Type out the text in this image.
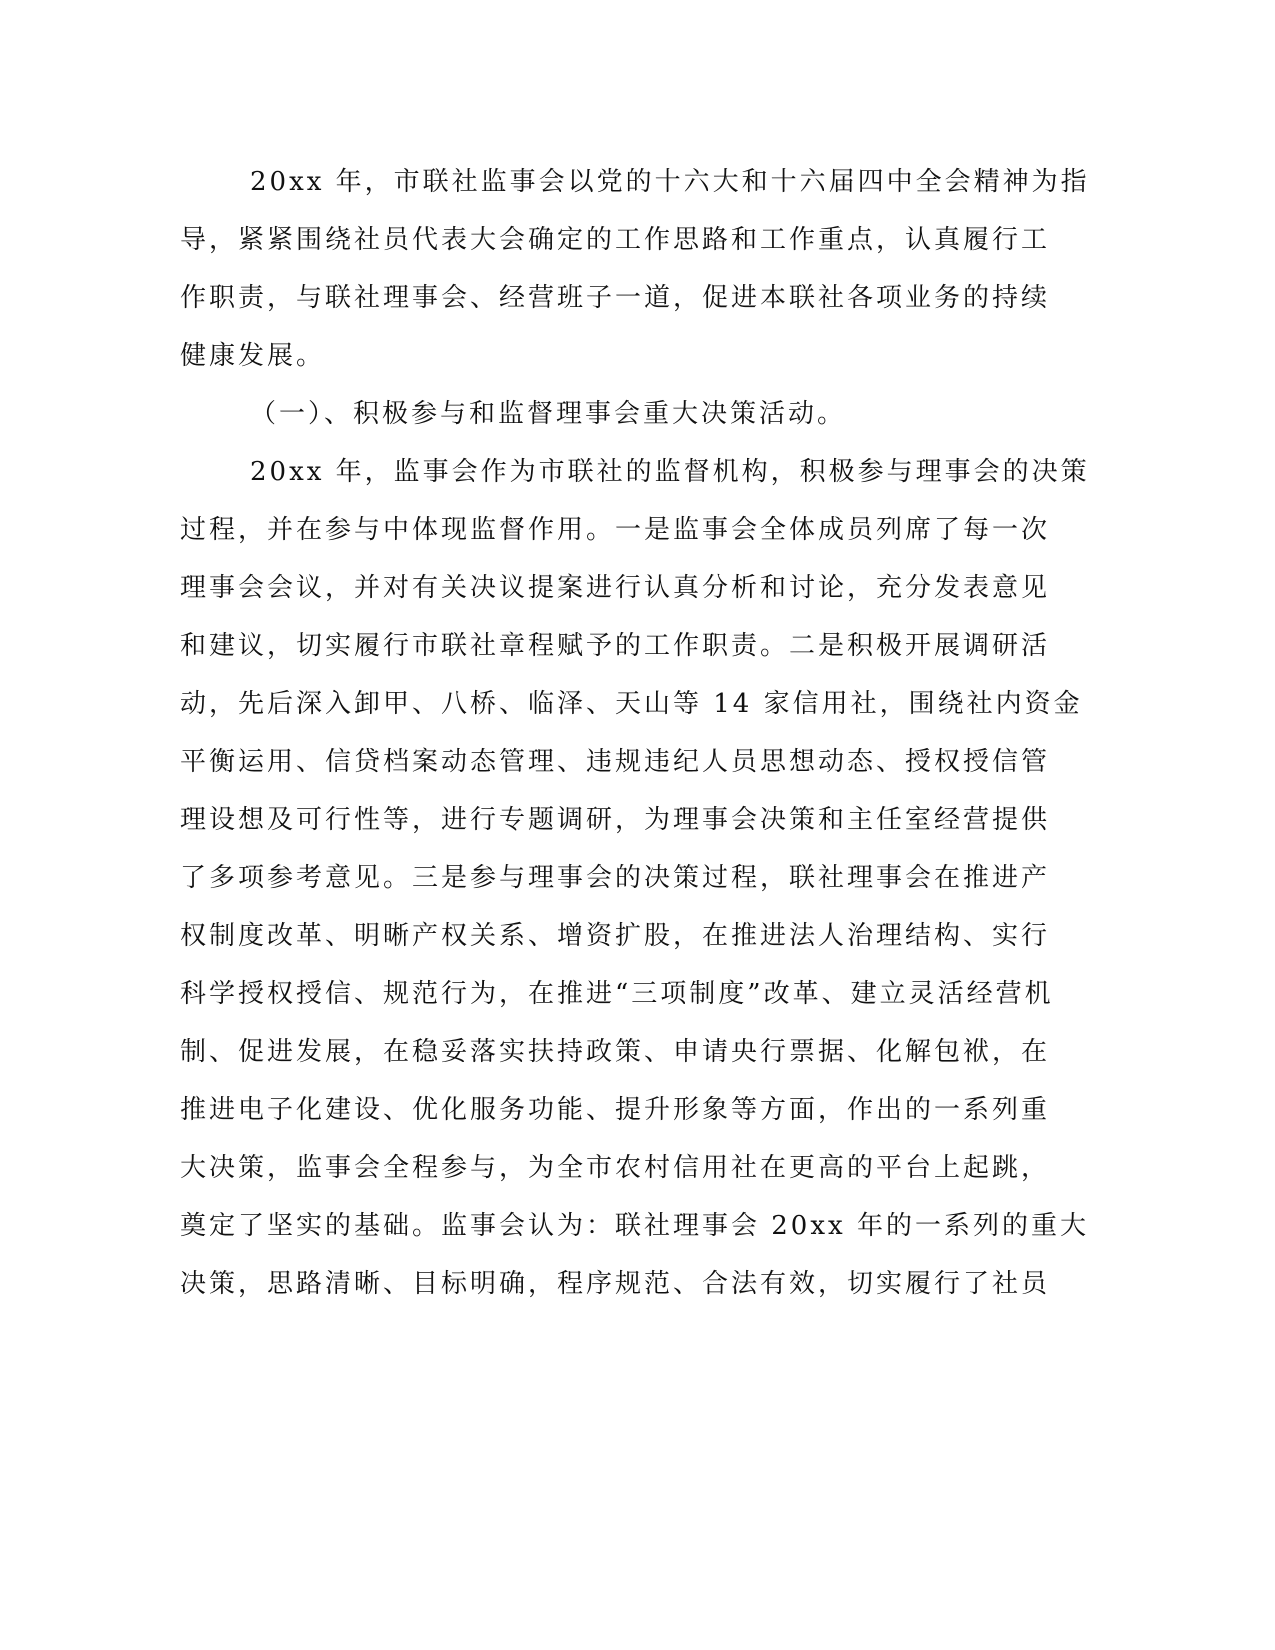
20xx 年，市联社监事会以党的十六大和十六届四中全会精神为指
导，紧紧围绕社员代表大会确定的工作思路和工作重点，认真履行工
作职责，与联社理事会、经营班子一道，促进本联社各项业务的持续
健康发展。
（一）、积极参与和监督理事会重大决策活动。
20xx 年，监事会作为市联社的监督机构，积极参与理事会的决策
过程，并在参与中体现监督作用。一是监事会全体成员列席了每一次
理事会会议，并对有关决议提案进行认真分析和讨论，充分发表意见
和建议，切实履行市联社章程赋予的工作职责。二是积极开展调研活
动，先后深入卸甲、八桥、临泽、天山等 14 家信用社，围绕社内资金
平衡运用、信贷档案动态管理、违规违纪人员思想动态、授权授信管
理设想及可行性等，进行专题调研，为理事会决策和主任室经营提供
了多项参考意见。三是参与理事会的决策过程，联社理事会在推进产
权制度改革、明晰产权关系、增资扩股，在推进法人治理结构、实行
科学授权授信、规范行为，在推进“三项制度”改革、建立灵活经营机
制、促进发展，在稳妥落实扶持政策、申请央行票据、化解包袱，在
推进电子化建设、优化服务功能、提升形象等方面，作出的一系列重
大决策，监事会全程参与，为全市农村信用社在更高的平台上起跳，
奠定了坚实的基础。监事会认为：联社理事会 20xx 年的一系列的重大
决策，思路清晰、目标明确，程序规范、合法有效，切实履行了社员
